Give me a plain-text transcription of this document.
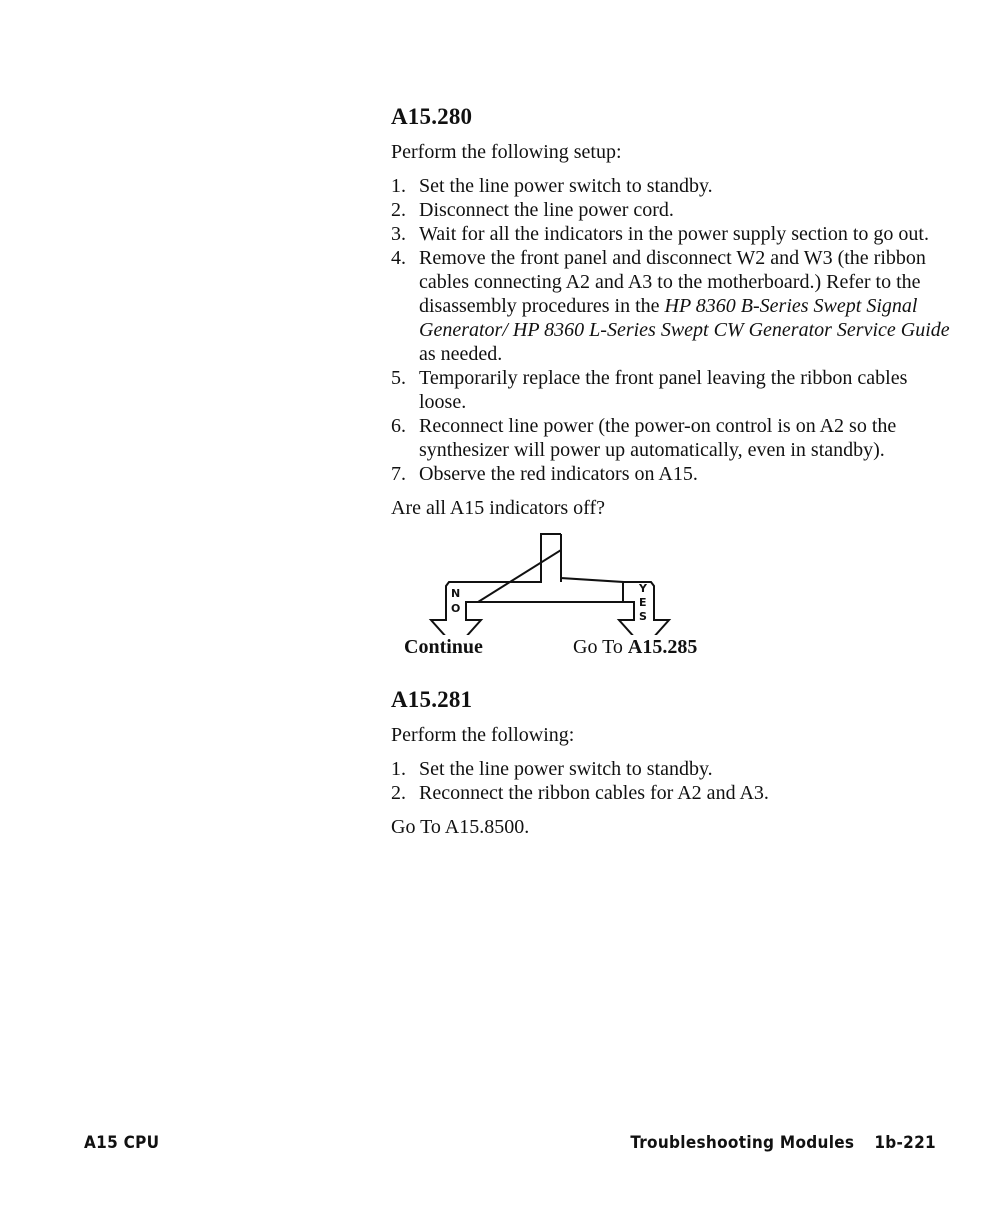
A15.280

Perform the following setup:

1. Set the line power switch to standby.
2. Disconnect the line power cord.
3. Wait for all the indicators in the power supply section to go out.
4. Remove the front panel and disconnect W2 and W3 (the ribbon cables connecting A2 and A3 to the motherboard.) Refer to the disassembly procedures in the HP 8360 B-Series Swept Signal Generator/ HP 8360 L-Series Swept CW Generator Service Guide as needed.
5. Temporarily replace the front panel leaving the ribbon cables loose.
6. Reconnect line power (the power-on control is on A2 so the synthesizer will power up automatically, even in standby).
7. Observe the red indicators on A15.

Are all A15 indicators off?

N
O
Y
E
S
Continue	Go To A15.285
A15.281

Perform the following:

1. Set the line power switch to standby.
2. Reconnect the ribbon cables for A2 and A3.

Go To A15.8500.

A15 CPU	Troubleshooting Modules 1b-221
